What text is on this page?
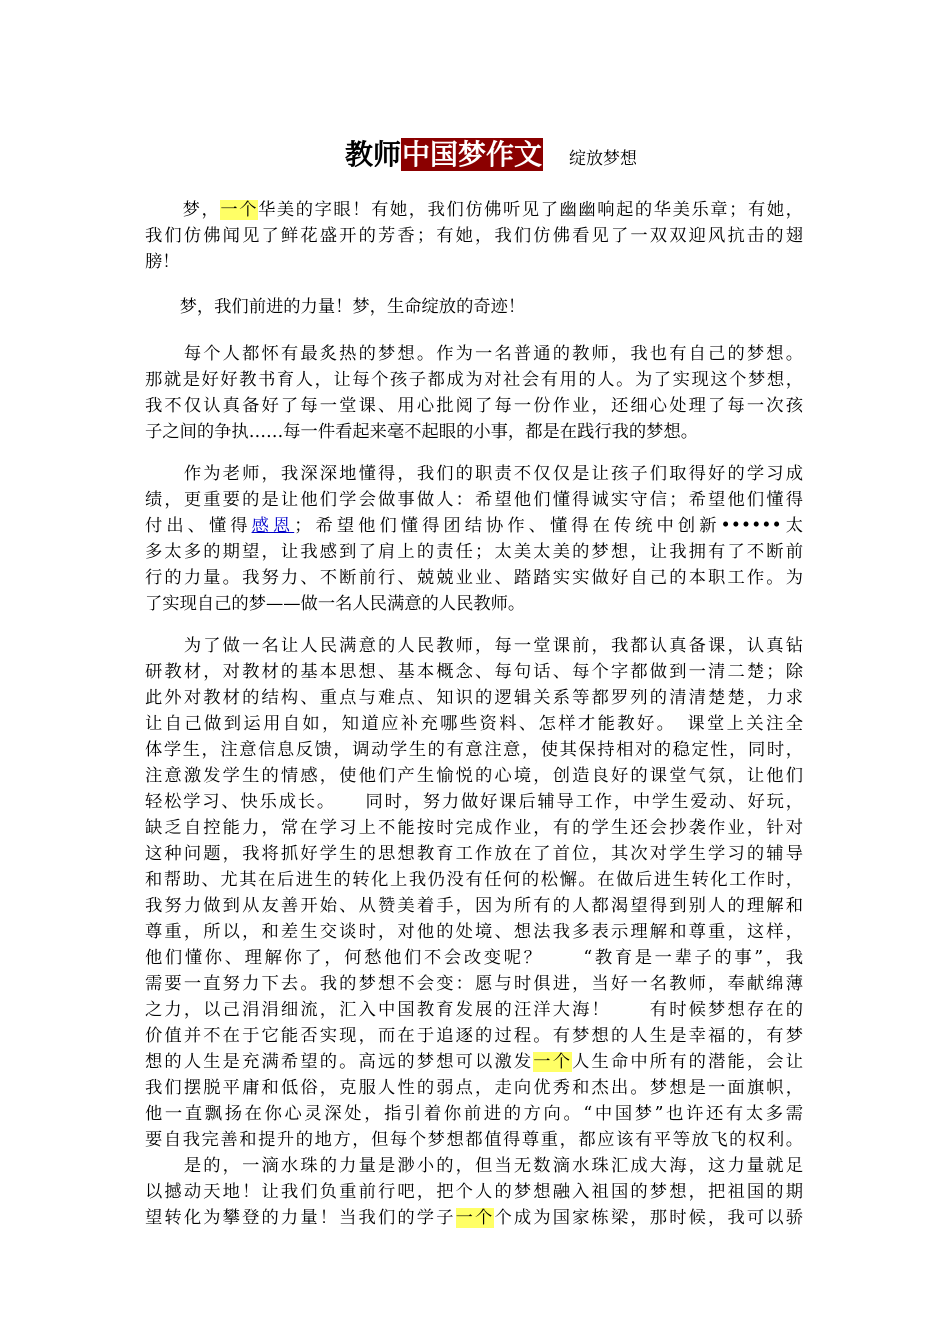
教师中国梦作文 绽放梦想
　　梦，一个华美的字眼！有她，我们仿佛听见了幽幽响起的华美乐章；有她，
我们仿佛闻见了鲜花盛开的芳香；有她，我们仿佛看见了一双双迎风抗击的翅
膀！
　　梦，我们前进的力量！梦，生命绽放的奇迹！
　　每个人都怀有最炙热的梦想。作为一名普通的教师，我也有自己的梦想。
那就是好好教书育人，让每个孩子都成为对社会有用的人。为了实现这个梦想，
我不仅认真备好了每一堂课、用心批阅了每一份作业，还细心处理了每一次孩
子之间的争执……每一件看起来毫不起眼的小事，都是在践行我的梦想。
　　作为老师，我深深地懂得，我们的职责不仅仅是让孩子们取得好的学习成
绩，更重要的是让他们学会做事做人：希望他们懂得诚实守信；希望他们懂得
付出、懂得感恩；希望他们懂得团结协作、懂得在传统中创新••••••太
多太多的期望，让我感到了肩上的责任；太美太美的梦想，让我拥有了不断前
行的力量。我努力、不断前行、兢兢业业、踏踏实实做好自己的本职工作。为
了实现自己的梦——做一名人民满意的人民教师。
　　为了做一名让人民满意的人民教师，每一堂课前，我都认真备课，认真钻
研教材，对教材的基本思想、基本概念、每句话、每个字都做到一清二楚；除
此外对教材的结构、重点与难点、知识的逻辑关系等都罗列的清清楚楚，力求
让自己做到运用自如，知道应补充哪些资料、怎样才能教好。　课堂上关注全
体学生，注意信息反馈，调动学生的有意注意，使其保持相对的稳定性，同时，
注意激发学生的情感，使他们产生愉悦的心境，创造良好的课堂气氛，让他们
轻松学习、快乐成长。　　同时，努力做好课后辅导工作，中学生爱动、好玩，
缺乏自控能力，常在学习上不能按时完成作业，有的学生还会抄袭作业，针对
这种问题，我将抓好学生的思想教育工作放在了首位，其次对学生学习的辅导
和帮助、尤其在后进生的转化上我仍没有任何的松懈。在做后进生转化工作时，
我努力做到从友善开始、从赞美着手，因为所有的人都渴望得到别人的理解和
尊重，所以，和差生交谈时，对他的处境、想法我多表示理解和尊重，这样，
他们懂你、理解你了，何愁他们不会改变呢？　　“教育是一辈子的事”，我
需要一直努力下去。我的梦想不会变：愿与时俱进，当好一名教师，奉献绵薄
之力，以己涓涓细流，汇入中国教育发展的汪洋大海！　　有时候梦想存在的
价值并不在于它能否实现，而在于追逐的过程。有梦想的人生是幸福的，有梦
想的人生是充满希望的。高远的梦想可以激发一个人生命中所有的潜能，会让
我们摆脱平庸和低俗，克服人性的弱点，走向优秀和杰出。梦想是一面旗帜，
他一直飘扬在你心灵深处，指引着你前进的方向。“中国梦”也许还有太多需
要自我完善和提升的地方，但每个梦想都值得尊重，都应该有平等放飞的权利。
　　是的，一滴水珠的力量是渺小的，但当无数滴水珠汇成大海，这力量就足
以撼动天地！让我们负重前行吧，把个人的梦想融入祖国的梦想，把祖国的期
望转化为攀登的力量！当我们的学子一个个成为国家栋梁，那时候，我可以骄
